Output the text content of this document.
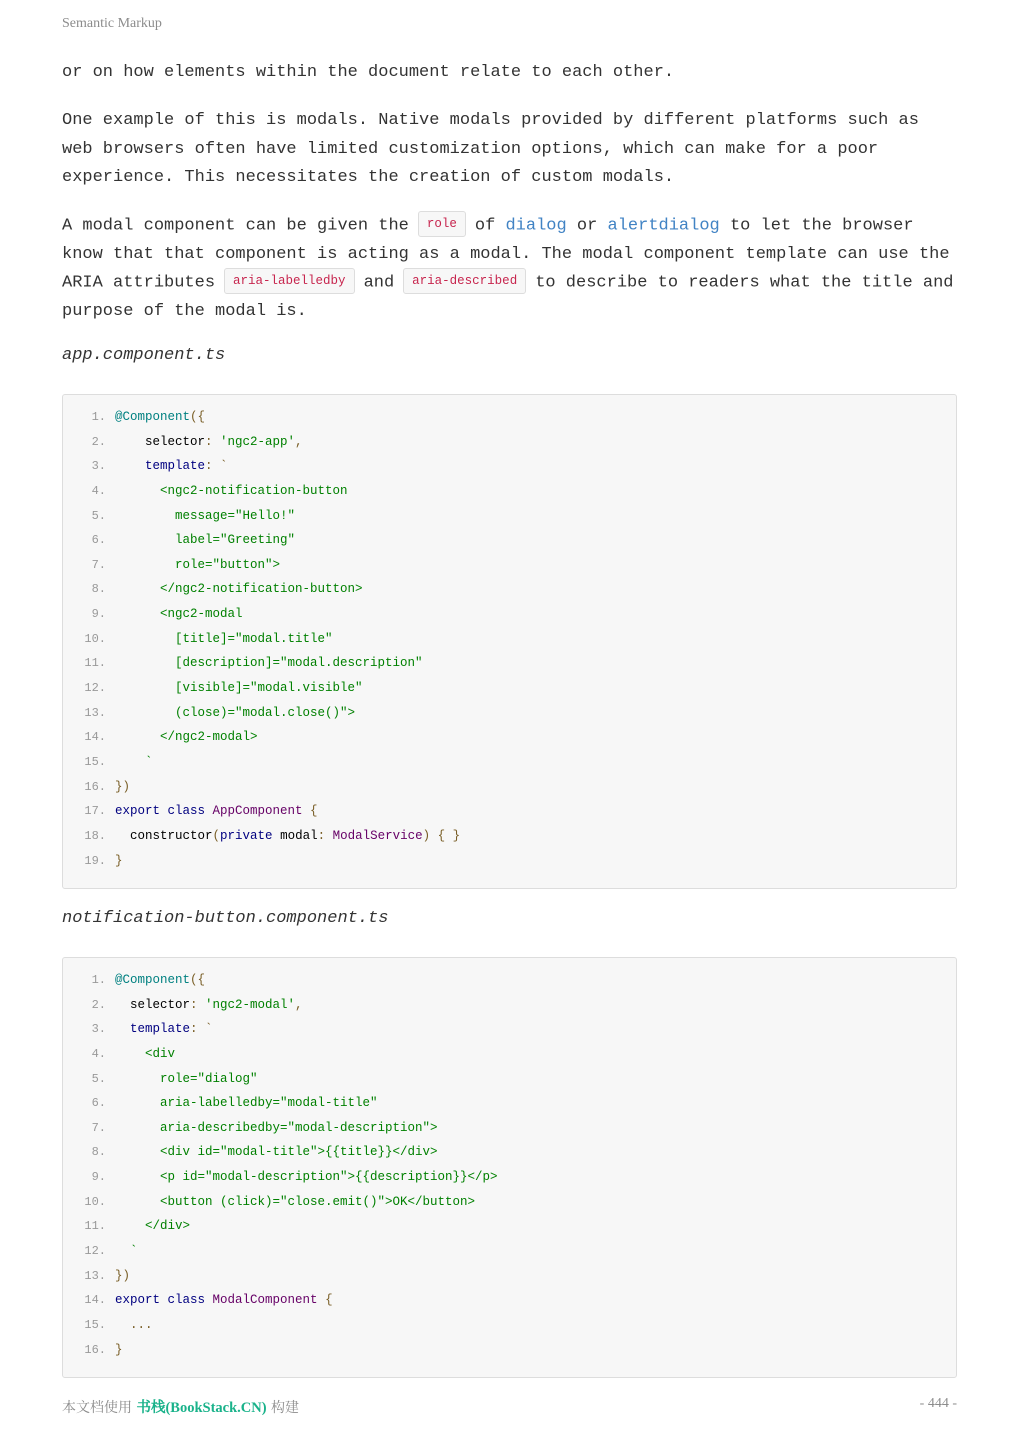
Semantic Markup

or on how elements within the document relate to each other.

One example of this is modals. Native modals provided by different platforms such as web browsers often have limited customization options, which can make for a poor experience. This necessitates the creation of custom modals.

A modal component can be given the role of dialog or alertdialog to let the browser know that that component is acting as a modal. The modal component template can use the ARIA attributes aria-labelledby and aria-described to describe to readers what the title and purpose of the modal is.

app.component.ts
1. @Component({
2.    selector: 'ngc2-app',
3.    template: `
4.      <ngc2-notification-button
5.        message="Hello!"
6.        label="Greeting"
7.        role="button">
8.      </ngc2-notification-button>
9.      <ngc2-modal
10.        [title]="modal.title"
11.        [description]="modal.description"
12.        [visible]="modal.visible"
13.        (close)="modal.close()">
14.      </ngc2-modal>
15.    `
16. })
17. export class AppComponent {
18.  constructor(private modal: ModalService) { }
19. }
notification-button.component.ts
1. @Component({
2.  selector: 'ngc2-modal',
3.  template: `
4.    <div
5.      role="dialog"
6.      aria-labelledby="modal-title"
7.      aria-describedby="modal-description">
8.      <div id="modal-title">{{title}}</div>
9.      <p id="modal-description">{{description}}</p>
10.      <button (click)="close.emit()">OK</button>
11.    </div>
12.  `
13. })
14. export class ModalComponent {
15.  ...
16. }
本文档使用 书栈(BookStack.CN) 构建	- 444 -
